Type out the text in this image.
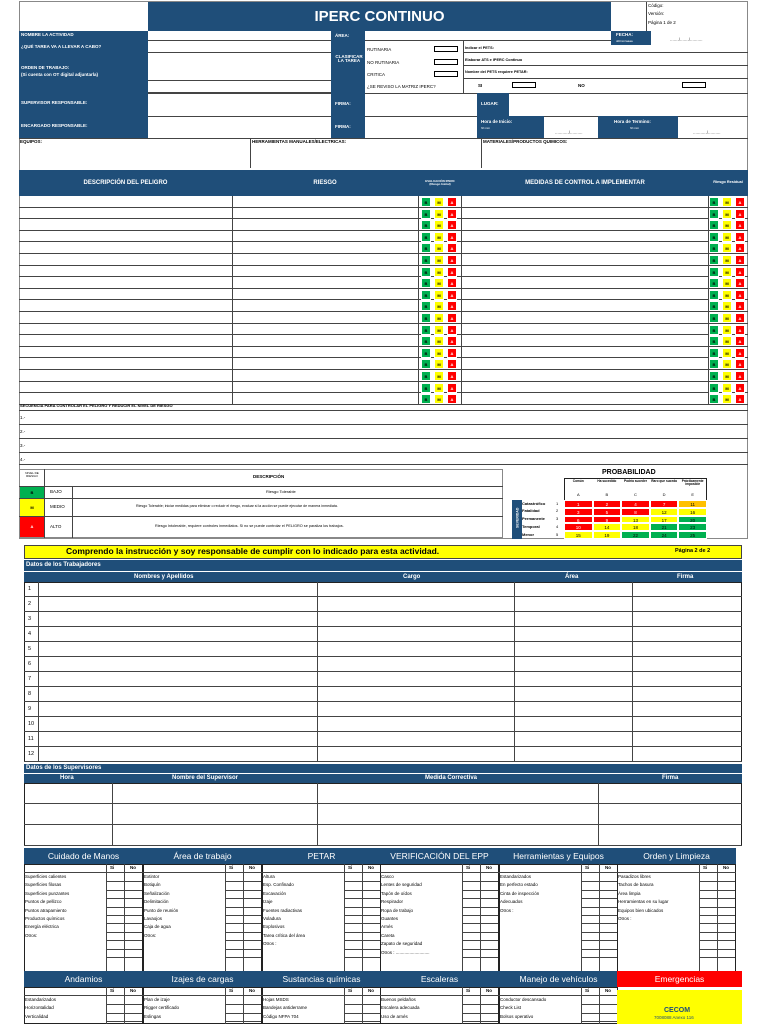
IPERC CONTINUO
Código:
Versión:
Página 1 de 2
NOMBRE LA ACTIVIDAD
¿QUÉ TAREA VA A LLEVAR A CABO?
ORDEN DE TRABAJO:
(Si cuenta con OT digital adjuntarla)
SUPERVISOR RESPONSABLE:
ENCARGADO RESPONSABLE:
ÁREA:	FECHA:
dd/mm/aaaa	......./......./..........
CLASIFICAR LA TAREA
RUTINARIA
NO RUTINARIA
CRITICA
¿SE REVISO LA MATRIZ IPERC?
Indicar el PETS:
Elaborar ATS e IPERC Continuo
Nombre del PETS requiere PETAR:
SI	NO
FIRMA:	LUGAR:
FIRMA:
Hora de Inicio:
hh:mm
.........../..........
Hora de Termino:
hh:mm
.........../..........
EQUIPOS:	HERRAMIENTAS MANUALES/ELECTRICAS:	MATERIALES/PRODUCTOS QUIMICOS:
DESCRIPCIÓN DEL PELIGRO	RIESGO	EVALUACIÓN IPERC (Riesgo Inicial)	MEDIDAS DE CONTROL A IMPLEMENTAR	Riesgo Residual
B	M	A	B	M	A
B	M	A	B	M	A
B	M	A	B	M	A
B	M	A	B	M	A
B	M	A	B	M	A
B	M	A	B	M	A
B	M	A	B	M	A
B	M	A	B	M	A
B	M	A	B	M	A
B	M	A	B	M	A
B	M	A	B	M	A
B	M	A	B	M	A
B	M	A	B	M	A
B	M	A	B	M	A
B	M	A	B	M	A
B	M	A	B	M	A
B	M	A	B	M	A
B	M	A	B	M	A
SECUENCIA PARA CONTROLAR EL PELIGRO Y REDUCIR EL NIVEL DE RIESGO
1.-
2.-
3.-
4.-
NIVEL DE RIESGO	DESCRIPCIÓN
B	BAJO	Riesgo Tolerable
M	MEDIO	Riesgo Tolerable; iniciar medidas para eliminar o reducir el riesgo, evaluar si la acción se puede ejecutar de manera inmediata.
A	ALTO	Riesgo Intolerable, requiere controles inmediatos. Si no se puede controlar el PELIGRO se paraliza los trabajos.
PROBABILIDAD
Común
A
Ha sucedido
B
Podría suceder
C
Raro que suceda
D
Prácticamente imposible
E
SEVERIDAD
Catastrófico	1	1	2	4	7	11
Fatalidad	2	3	5	8	12	16
Permanente	3	6	9	13	17	20
Temporal	4	10	14	18	21	23
Menor	5	15	19	22	24	25
Comprendo la instrucción y soy responsable de cumplir con lo indicado para esta actividad.	Página 2 de 2
Datos de los Trabajadores
Nombres y Apellidos	Cargo	Área	Firma
1
2
3
4
5
6
7
8
9
10
11
12
Datos de los Supervisores
Hora	Nombre del Supervisor	Medida Correctiva	Firma
Cuidado de Manos
Si	No
Superficies calientes
Superficies filosas
Superficies punzantes
Puntos de pellizco
Puntos atrapamiento
Productos químicos
Energía eléctrica
Otros:
Área de trabajo
Si	No
Extintor
Botiquín
Señalización
Delimitación
Punto de reunión
Lavaojos
Caja de agua
Otros:
PETAR
Si	No
Altura
Esp. Confinado
Excavación
Izaje
Fuentes radiactivas
Voladura
Explosivos
Tarea crítica del área
Otros :
VERIFICACIÓN DEL EPP
Si	No
Casco
Lentes de seguridad
Tapón de oídos
Respirador
Ropa de trabajo
Guantes
Arnés
Careta
Zapato de seguridad
Otros : ...........................
Herramientas y Equipos
Si	No
Estandarizados
En perfecto estado
Cinta de inspección
Adecuados
Otros :
Orden y Limpieza
Si	No
Pasadizos libres
Tachos de basura
Área limpia
Herramientas en su lugar
Equipos bien ubicados
Otros :
Andamios
Si	No
Estandarizados
Horizontalidad
Verticalidad
Izajes de cargas
Si	No
Plan de izaje
Rigger certificado
Eslingas
Sustancias químicas
Si	No
Hojas MSDS
Bandejas antiderrame
Código NFPA 704
Escaleras
Si	No
Buenos peldaños
Escalera adecuada
Uso de arnés
Manejo de vehículos
Si	No
Conductor descansado
Check List
Bolsos operativo
Emergencias
CECOM
7008088 Anexo 116
